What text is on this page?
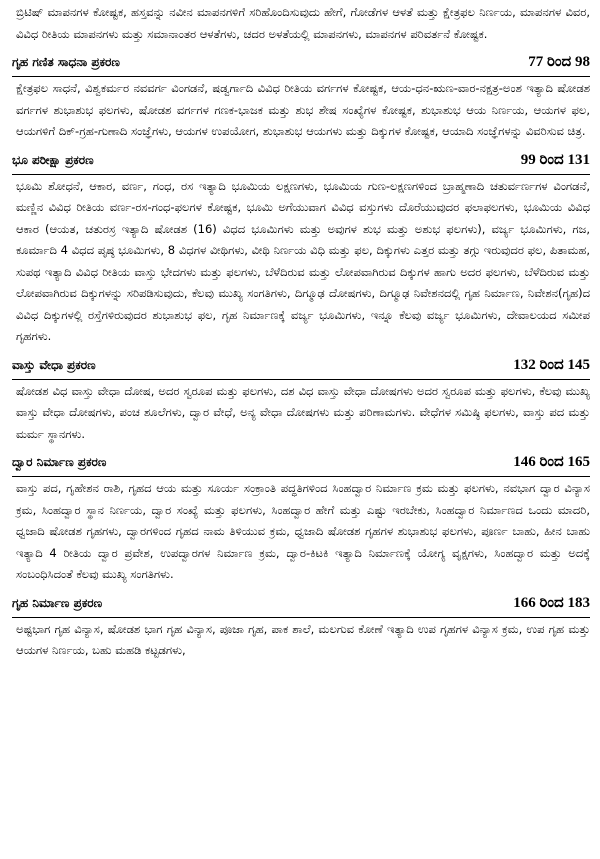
ಬ್ರಿಟಿಷ್ ಮಾಪನಗಳ ಕೋಷ್ಟಕ, ಹಸ್ತವನ್ನು ನವೀನ ಮಾಪನಗಳಿಗೆ ಸರಿಹೊಂದಿಸುವುದು ಹೇಗೆ, ಗೋಡೆಗಳ ಆಳತೆ ಮತ್ತು ಕ್ಷೇತ್ರಫಲ ನಿರ್ಣಯ, ಮಾಪನಗಳ ವಿವರ, ವಿವಿಧ ರೀತಿಯ ಮಾಪನಗಳು ಮತ್ತು ಸಮಾನಾಂತರ ಆಳತೆಗಳು, ಚದರ ಅಳತೆಯಲ್ಲಿ ಮಾಪನಗಳು, ಮಾಪನಗಳ ಪರಿವರ್ತನೆ ಕೋಷ್ಟಕ.
ಗೃಹ ಗಣಿತ ಸಾಧನಾ ಪ್ರಕರಣ	77 ರಿಂದ 98
ಕ್ಷೇತ್ರಫಲ ಸಾಧನೆ, ವಿಶ್ವಕರ್ಮರ ನವವರ್ಗ ವಿಂಗಡನೆ, ಷಡ್ವರ್ಗಾದಿ ವಿವಿಧ ರೀತಿಯ ವರ್ಗಗಳ ಕೋಷ್ಟಕ, ಆಯ-ಧನ-ಋಣ-ವಾರ-ನಕ್ಷತ್ರ-ಅಂಶ ಇತ್ಯಾದಿ ಷೋಡಶ ವರ್ಗಗಳ ಶುಭಾಶುಭ ಫಲಗಳು, ಷೋಡಶ ವರ್ಗಗಳ ಗಣಕ-ಭಾಜಕ ಮತ್ತು ಶುಭ ಶೇಷ ಸಂಖ್ಯೆಗಳ ಕೋಷ್ಟಕ, ಶುಭಾಶುಭ ಆಯ ನಿರ್ಣಯ, ಆಯಗಳ ಫಲ, ಆಯಗಳಿಗೆ ದಿಕ್-ಗ್ರಹ-ಗುಣಾದಿ ಸಂಜ್ಞೆಗಳು, ಆಯಗಳ ಉಪಯೋಗ, ಶುಭಾಶುಭ ಆಯಗಳು ಮತ್ತು ದಿಕ್ಕುಗಳ ಕೋಷ್ಟಕ, ಆಯಾದಿ ಸಂಜ್ಞೆಗಳನ್ನು ವಿವರಿಸುವ ಚಿತ್ರ.
ಭೂ ಪರೀಕ್ಷಾ ಪ್ರಕರಣ	99 ರಿಂದ 131
ಭೂಮಿ ಶೋಧನೆ, ಆಕಾರ, ವರ್ಣ, ಗಂಧ, ರಸ ಇತ್ಯಾದಿ ಭೂಮಿಯ ಲಕ್ಷಣಗಳು, ಭೂಮಿಯ ಗುಣ-ಲಕ್ಷಣಗಳಿಂದ ಬ್ರಾಹ್ಮಣಾದಿ ಚತುರ್ವರ್ಣಗಳ ವಿಂಗಡನೆ, ಮಣ್ಣಿನ ವಿವಿಧ ರೀತಿಯ ವರ್ಣ-ರಸ-ಗಂಧ-ಫಲಗಳ ಕೋಷ್ಟಕ, ಭೂಮಿ ಅಗೆಯುವಾಗ ವಿವಿಧ ವಸ್ತುಗಳು ದೊರೆಯುವುದರ ಫಲಾಫಲಗಳು, ಭೂಮಿಯ ವಿವಿಧ ಆಕಾರ (ಆಯತ, ಚತುರಸ್ರ ಇತ್ಯಾದಿ ಷೋಡಶ (16) ವಿಧದ ಭೂಮಿಗಳು ಮತ್ತು ಅವುಗಳ ಶುಭ ಮತ್ತು ಅಶುಭ ಫಲಗಳು), ವರ್ಜ್ಯ ಭೂಮಿಗಳು, ಗಜ, ಕೂರ್ಮಾದಿ 4 ವಿಧದ ಪೃಷ್ಠ ಭೂಮಿಗಳು, 8 ವಿಧಗಳ ವೀಥಿಗಳು, ವೀಥಿ ನಿರ್ಣಯ ವಿಧಿ ಮತ್ತು ಫಲ, ದಿಕ್ಕುಗಳು ಎತ್ತರ ಮತ್ತು ತಗ್ಗು ಇರುವುದರ ಫಲ, ಪಿತಾಮಹ, ಸುಪಥ ಇತ್ಯಾದಿ ವಿವಿಧ ರೀತಿಯ ವಾಸ್ತು ಭೇದಗಳು ಮತ್ತು ಫಲಗಳು, ಬೆಳೆದಿರುವ ಮತ್ತು ಲೋಪವಾಗಿರುವ ದಿಕ್ಕುಗಳ ಹಾಗು ಅದರ ಫಲಗಳು, ಬೆಳೆದಿರುವ ಮತ್ತು ಲೋಪವಾಗಿರುವ ದಿಕ್ಕುಗಳನ್ನು ಸರಿಪಡಿಸುವುದು, ಕೆಲವು ಮುಖ್ಯ ಸಂಗತಿಗಳು, ದಿಗ್ಮೂಢ ದೋಷಗಳು, ದಿಗ್ಮೂಢ ನಿವೇಶನದಲ್ಲಿ ಗೃಹ ನಿರ್ಮಾಣ, ನಿವೇಶನ(ಗೃಹ)ದ ವಿವಿಧ ದಿಕ್ಕುಗಳಲ್ಲಿ ರಸ್ತೆಗಳಿರುವುದರ ಶುಭಾಶುಭ ಫಲ, ಗೃಹ ನಿರ್ಮಾಣಕ್ಕೆ ವರ್ಜ್ಯ ಭೂಮಿಗಳು, ಇನ್ನೂ ಕೆಲವು ವರ್ಜ್ಯ ಭೂಮಿಗಳು, ದೇವಾಲಯದ ಸಮೀಪ ಗೃಹಗಳು.
ವಾಸ್ತು ವೇಧಾ ಪ್ರಕರಣ	132 ರಿಂದ 145
ಷೋಡಶ ವಿಧ ವಾಸ್ತು ವೇಧಾ ದೋಷ, ಅದರ ಸ್ವರೂಪ ಮತ್ತು ಫಲಗಳು, ದಶ ವಿಧ ವಾಸ್ತು ವೇಧಾ ದೋಷಗಳು ಅದರ ಸ್ವರೂಪ ಮತ್ತು ಫಲಗಳು, ಕೆಲವು ಮುಖ್ಯ ವಾಸ್ತು ವೇಧಾ ದೋಷಗಳು, ಪಂಚ ಶೂಲೆಗಳು, ದ್ವಾರ ವೇಧೆ, ಅನ್ಯ ವೇಧಾ ದೋಷಗಳು ಮತ್ತು ಪರಿಣಾಮಗಳು. ವೇಧೆಗಳ ಸಮಿಷ್ಠಿ ಫಲಗಳು, ವಾಸ್ತು ಪದ ಮತ್ತು ಮರ್ಮ ಸ್ಥಾನಗಳು.
ದ್ವಾರ ನಿರ್ಮಾಣ ಪ್ರಕರಣ	146 ರಿಂದ 165
ವಾಸ್ತು ಪದ, ಗೃಹೇಶನ ರಾಶಿ, ಗೃಹದ ಆಯ ಮತ್ತು ಸೂರ್ಯ ಸಂಕ್ರಾಂತಿ ಪದ್ಧತಿಗಳಿಂದ ಸಿಂಹದ್ವಾರ ನಿರ್ಮಾಣ ಕ್ರಮ ಮತ್ತು ಫಲಗಳು, ನವಭಾಗ ದ್ವಾರ ವಿನ್ಯಾಸ ಕ್ರಮ, ಸಿಂಹದ್ವಾರ ಸ್ಥಾನ ನಿರ್ಣಯ, ದ್ವಾರ ಸಂಖ್ಯೆ ಮತ್ತು ಫಲಗಳು, ಸಿಂಹದ್ವಾರ ಹೇಗೆ ಮತ್ತು ಎಷ್ಟು ಇರಬೇಕು, ಸಿಂಹದ್ವಾರ ನಿರ್ಮಾಣದ ಒಂದು ಮಾದರಿ, ಧ್ವಜಾದಿ ಷೋಡಶ ಗೃಹಗಳು, ದ್ವಾರಗಳಿಂದ ಗೃಹದ ನಾಮ ತಿಳಿಯುವ ಕ್ರಮ, ಧ್ವಜಾದಿ ಷೋಡಶ ಗೃಹಗಳ ಶುಭಾಶುಭ ಫಲಗಳು, ಪೂರ್ಣ ಬಾಹು, ಹೀನ ಬಾಹು ಇತ್ಯಾದಿ 4 ರೀತಿಯ ದ್ವಾರ ಪ್ರವೇಶ, ಉಪದ್ವಾರಗಳ ನಿರ್ಮಾಣ ಕ್ರಮ, ದ್ವಾರ-ಕಿಟಕಿ ಇತ್ಯಾದಿ ನಿರ್ಮಾಣಕ್ಕೆ ಯೋಗ್ಯ ವೃಕ್ಷಗಳು, ಸಿಂಹದ್ವಾರ ಮತ್ತು ಅದಕ್ಕೆ ಸಂಬಂಧಿಸಿದಂತೆ ಕೆಲವು ಮುಖ್ಯ ಸಂಗತಿಗಳು.
ಗೃಹ ನಿರ್ಮಾಣ ಪ್ರಕರಣ	166 ರಿಂದ 183
ಅಷ್ಟಭಾಗ ಗೃಹ ವಿನ್ಯಾಸ, ಷೋಡಶ ಭಾಗ ಗೃಹ ವಿನ್ಯಾಸ, ಪೂಜಾ ಗೃಹ, ಪಾಕ ಶಾಲೆ, ಮಲಗುವ ಕೋಣೆ ಇತ್ಯಾದಿ ಉಪ ಗೃಹಗಳ ವಿನ್ಯಾಸ ಕ್ರಮ, ಉಪ ಗೃಹ ಮತ್ತು ಆಯಗಳ ನಿರ್ಣಯ, ಬಹು ಮಹಡಿ ಕಟ್ಟಡಗಳು,
